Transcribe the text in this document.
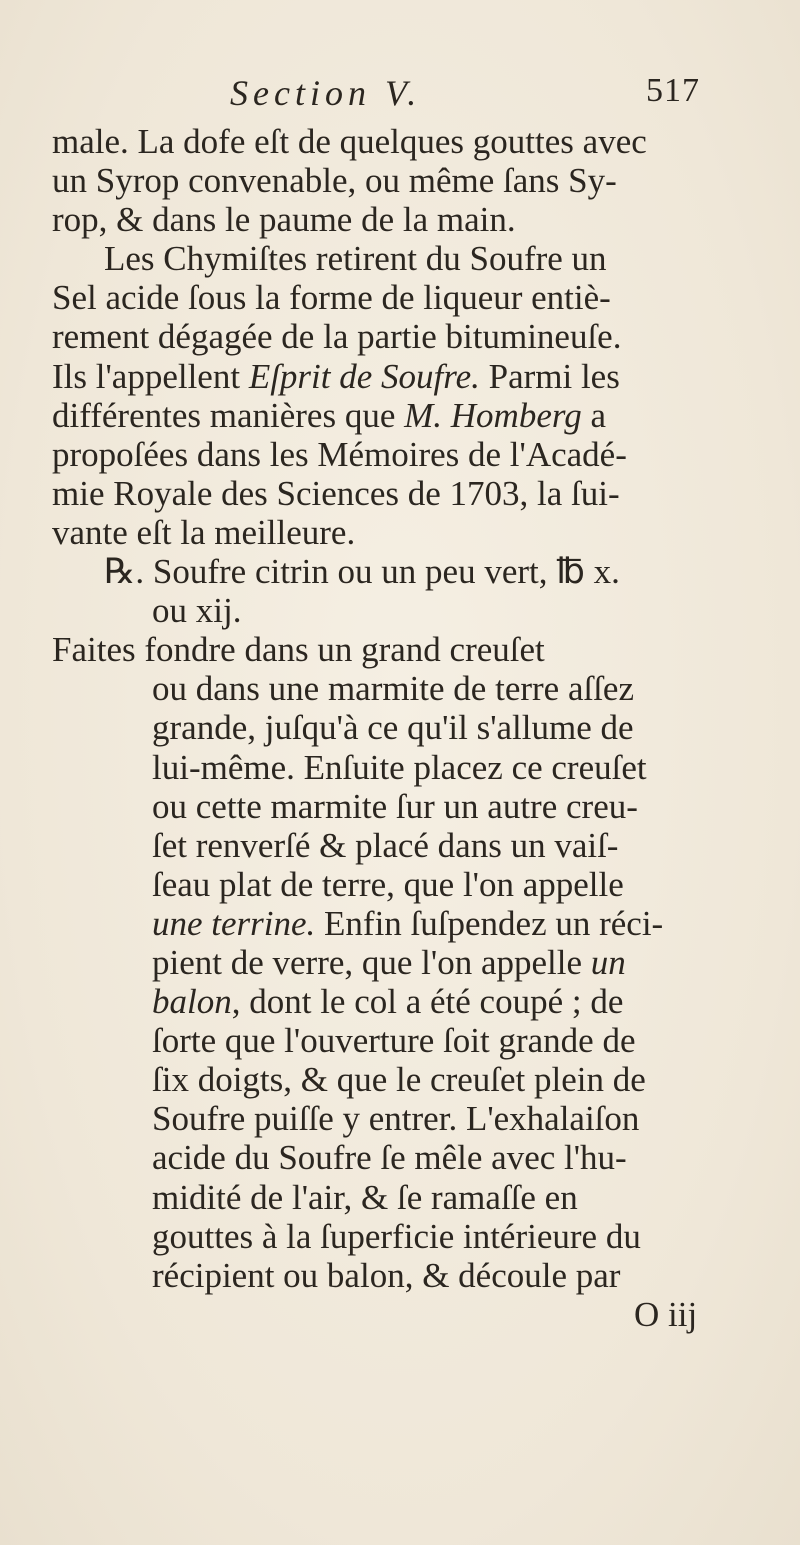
Section V.	517
male. La dofe eſt de quelques gouttes avec
un Syrop convenable, ou même ſans Sy-
rop, & dans le paume de la main.
Les Chymiſtes retirent du Soufre un
Sel acide ſous la forme de liqueur entiè-
rement dégagée de la partie bitumineuſe.
Ils l'appellent Eſprit de Soufre. Parmi les
différentes manières que M. Homberg a
propoſées dans les Mémoires de l'Acadé-
mie Royale des Sciences de 1703, la ſui-
vante eſt la meilleure.
℞. Soufre citrin ou un peu vert, ℔ x.
ou xij.
Faites fondre dans un grand creuſet
ou dans une marmite de terre aſſez
grande, juſqu'à ce qu'il s'allume de
lui-même. Enſuite placez ce creuſet
ou cette marmite ſur un autre creu-
ſet renverſé & placé dans un vaiſ-
ſeau plat de terre, que l'on appelle
une terrine. Enfin ſuſpendez un réci-
pient de verre, que l'on appelle un
balon, dont le col a été coupé ; de
ſorte que l'ouverture ſoit grande de
ſix doigts, & que le creuſet plein de
Soufre puiſſe y entrer. L'exhalaiſon
acide du Soufre ſe mêle avec l'hu-
midité de l'air, & ſe ramaſſe en
gouttes à la ſuperficie intérieure du
récipient ou balon, & découle par
O iij
